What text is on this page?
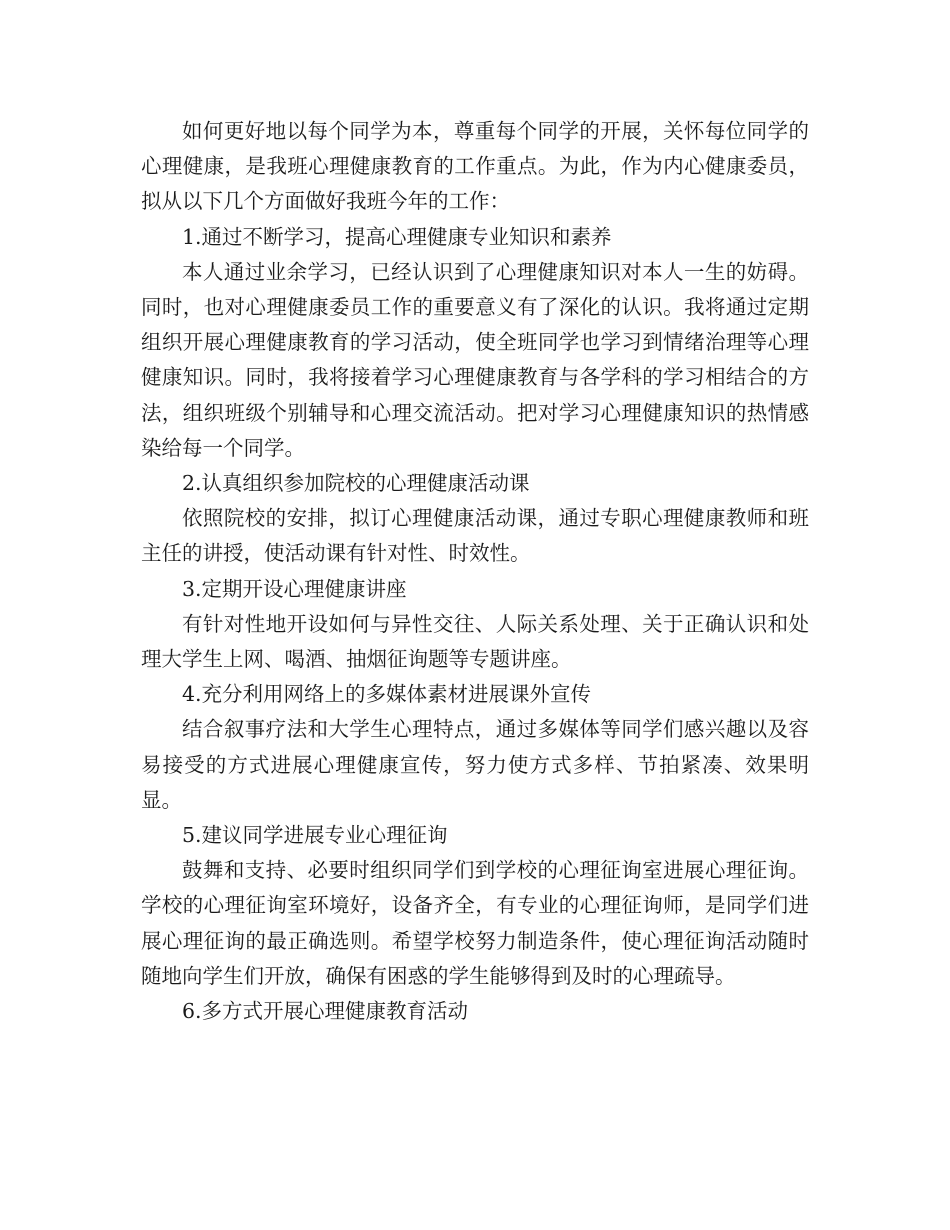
如何更好地以每个同学为本，尊重每个同学的开展，关怀每位同学的心理健康，是我班心理健康教育的工作重点。为此，作为内心健康委员，拟从以下几个方面做好我班今年的工作：

1.通过不断学习，提高心理健康专业知识和素养

本人通过业余学习，已经认识到了心理健康知识对本人一生的妨碍。同时，也对心理健康委员工作的重要意义有了深化的认识。我将通过定期组织开展心理健康教育的学习活动，使全班同学也学习到情绪治理等心理健康知识。同时，我将接着学习心理健康教育与各学科的学习相结合的方法，组织班级个别辅导和心理交流活动。把对学习心理健康知识的热情感染给每一个同学。

2.认真组织参加院校的心理健康活动课

依照院校的安排，拟订心理健康活动课，通过专职心理健康教师和班主任的讲授，使活动课有针对性、时效性。

3.定期开设心理健康讲座

有针对性地开设如何与异性交往、人际关系处理、关于正确认识和处理大学生上网、喝酒、抽烟征询题等专题讲座。

4.充分利用网络上的多媒体素材进展课外宣传

结合叙事疗法和大学生心理特点，通过多媒体等同学们感兴趣以及容易接受的方式进展心理健康宣传，努力使方式多样、节拍紧凑、效果明显。

5.建议同学进展专业心理征询

鼓舞和支持、必要时组织同学们到学校的心理征询室进展心理征询。学校的心理征询室环境好，设备齐全，有专业的心理征询师，是同学们进展心理征询的最正确选则。希望学校努力制造条件，使心理征询活动随时随地向学生们开放，确保有困惑的学生能够得到及时的心理疏导。

6.多方式开展心理健康教育活动
